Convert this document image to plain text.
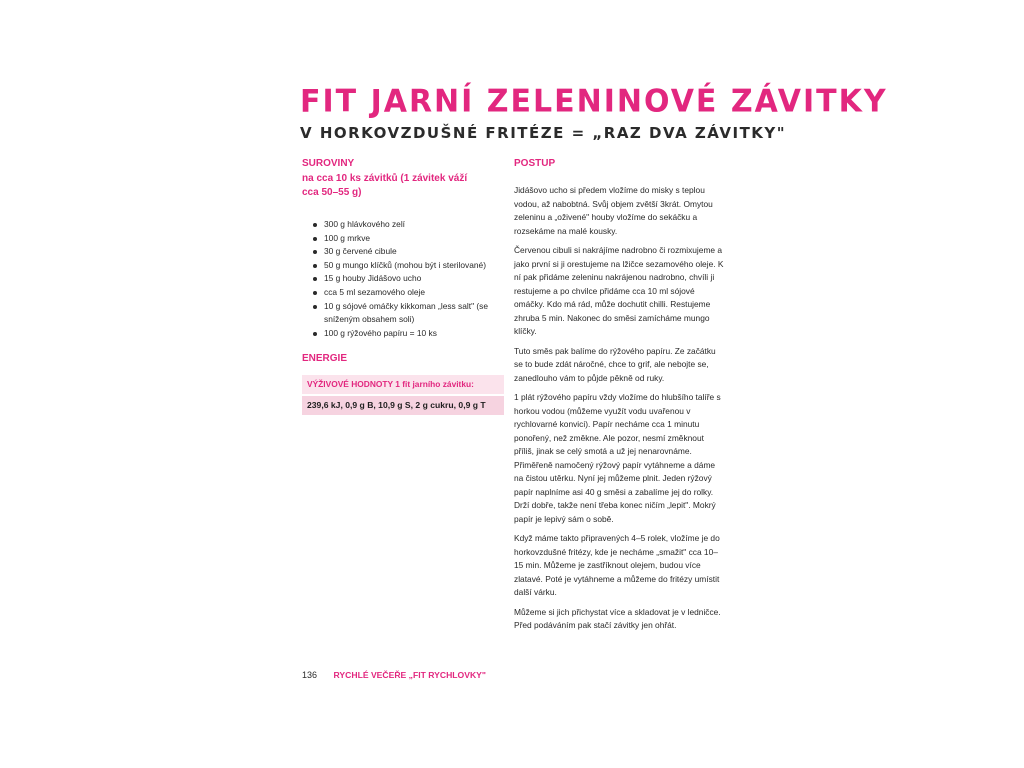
FIT JARNÍ ZELENINOVÉ ZÁVITKY
V HORKOVZDUŠNÉ FRITÉZE = „RAZ DVA ZÁVITKY"
SUROVINY
na cca 10 ks závitků (1 závitek váží cca 50–55 g)
300 g hlávkového zelí
100 g mrkve
30 g červené cibule
50 g mungo klíčků (mohou být i sterilované)
15 g houby Jidášovo ucho
cca 5 ml sezamového oleje
10 g sójové omáčky kikkoman „less salt" (se sníženým obsahem soli)
100 g rýžového papíru = 10 ks
ENERGIE
VÝŽIVOVÉ HODNOTY 1 fit jarního závitku:
239,6 kJ, 0,9 g B, 10,9 g S, 2 g cukru, 0,9 g T
POSTUP

Jidášovo ucho si předem vložíme do misky s teplou vodou, až nabobtná. Svůj objem zvětší 3krát. Omytou zeleninu a „oživené" houby vložíme do sekáčku a rozsekáme na malé kousky.

Červenou cibuli si nakrájíme nadrobno či rozmixujeme a jako první si ji orestujeme na lžičce sezamového oleje. K ní pak přidáme zeleninu nakrájenou nadrobno, chvíli ji restujeme a po chvilce přidáme cca 10 ml sójové omáčky. Kdo má rád, může dochutit chilli. Restujeme zhruba 5 min. Nakonec do směsi zamícháme mungo klíčky.

Tuto směs pak balíme do rýžového papíru. Ze začátku se to bude zdát náročné, chce to grif, ale nebojte se, zanedlouho vám to půjde pěkně od ruky.

1 plát rýžového papíru vždy vložíme do hlubšího talíře s horkou vodou (můžeme využít vodu uvařenou v rychlovarné konvici). Papír necháme cca 1 minutu ponořený, než změkne. Ale pozor, nesmí změknout příliš, jinak se celý smotá a už jej nenarovnáme. Přiměřeně namočený rýžový papír vytáhneme a dáme na čistou utěrku. Nyní jej můžeme plnit. Jeden rýžový papír naplníme asi 40 g směsi a zabalíme jej do rolky. Drží dobře, takže není třeba konec ničím „lepit". Mokrý papír je lepivý sám o sobě.

Když máme takto připravených 4–5 rolek, vložíme je do horkovzdušné fritézy, kde je necháme „smažit" cca 10–15 min. Můžeme je zastříknout olejem, budou více zlatavé. Poté je vytáhneme a můžeme do fritézy umístit další várku.

Můžeme si jich přichystat více a skladovat je v ledničce. Před podáváním pak stačí závitky jen ohřát.

136 RYCHLÉ VEČEŘE „FIT RYCHLOVKY"
